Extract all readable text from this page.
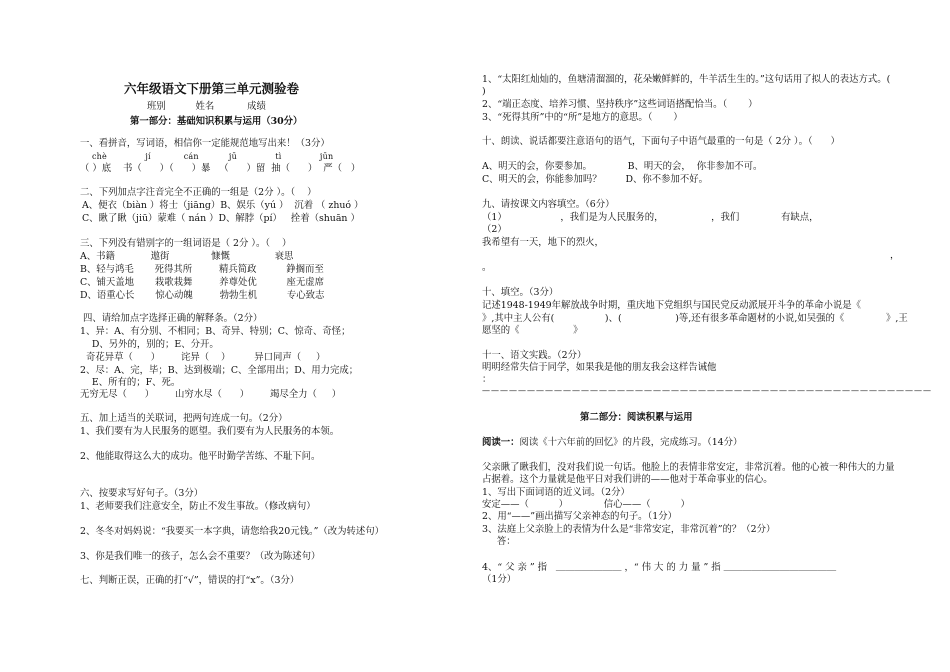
六年级语文下册第三单元测验卷
班别          姓名           成绩
第一部分：基础知识积累与运用（30分）
一、看拼音，写词语，相信你一定能规范地写出来！（3分）
chè              jí            cán           jū              tì              jūn
（ ）底    书（      ）（      ）暴   （      ）留  抽（      ）  严（   ）
二、下列加点字注音完全不正确的一组是（2分 ）。（    ）
A、便衣（biàn ）将士（jiāng）B、娱乐（yú ）  沉着 （ zhuó ）
C、瞅了瞅（jiū）蒙难（ nán ）D、解脖（pí）   拴着（shuān ）
三、下列没有错别字的一组词语是（ 2分 ）。（    ）
A、书籍            遨街              慷慨               衰思
B、轻与鸿毛       死得其所         精兵简政          錚搁而至
C、铺天盖地       栽歌栽舞         养尊处优          座无虚席
D、语重心长       惊心动魄         勃勃生机          专心致志
四、请给加点字选择正确的解释条。（2分）
1、异：A、有分别、不相同；B、奇异、特别；C、惊奇、奇怪；
D、另外的，别的；E、分开。
奇花异草（      ）       诧异（    ）        异口同声（     ）
2、尽：A、完，毕；B、达到极端；C、全部用出；D、用力完成；
E、所有的；F、死。
无穷无尽（      ）       山穷水尽（      ）       竭尽全力（     ）
五、加上适当的关联词，把两句连成一句。（2分）
1、我们要有为人民服务的愿望。我们要有为人民服务的本领。
2、他能取得这么大的成功。他平时勤学苦练、不耻下问。
六、按要求写好句子。（3分）
1、老师要我们注意安全，防止不发生事故。（修改病句）
2、冬冬对妈妈说：“我要买一本字典，请您给我20元钱。”（改为转述句）
3、你是我们唯一的孩子，怎么会不重要？（改为陈述句）
七、判断正误，正确的打“√”，错误的打“x”。（3分）
1、“太阳红灿灿的，鱼塘清溜溜的，花朵嫩鲜鲜的，牛羊活生生的。”这句话用了拟人的表达方式。(
)
2、“端正态度、培养习惯、坚持秩序”这些词语搭配恰当。（       ）
3、“死得其所”中的“所”是地方的意思。（       ）
十、朗读、说话都要注意语句的语气，下面句子中语气最重的一句是（ 2分 ）。（      ）
A、明天的会，你要参加。            B、明天的会，  你非参加不可。
C、明天的会，你能参加吗？        D、你不参加不好。
九、请按课文内容填空。（6分）
（1）                  ，我们是为人民服务的，                ，我们              有缺点，
（2）
我希望有一天，地下的烈火，
，
。
十、填空。（3分）
记述1948-1949年解放战争时期，重庆地下党组织与国民党反动派展开斗争的革命小说是《
》,其中主人公有(                 )、(                  )等,还有很多革命题材的小说,如吴强的《              》,王
愿坚的《                  》
十一、语文实践。（2分）
明明经常失信于同学，如果我是他的朋友我会这样告诫他
：
——————————————————————————————————————————————————
第二部分：阅读积累与运用
阅读一：阅读《十六年前的回忆》的片段，完成练习。（14分）
父亲瞅了瞅我们，没对我们说一句话。他脸上的表情非常安定，非常沉着。他的心被一种伟大的力量
占据着。这个力量就是他平日对我们讲的——他对于革命事业的信心。
1、写出下面词语的近义词。（2分）
安定——（          ）            信心——（          ）
2、用“——”画出描写父亲神态的句子。（1分）
3、法庭上父亲脸上的表情为什么是“非常安定，非常沉着”的？（2分）
答：
4、“ 父 亲 ” 指   ＿＿＿＿＿＿＿ ，“ 伟 大 的 力 量 ” 指 ＿＿＿＿＿＿＿＿＿＿＿＿
（1分）
